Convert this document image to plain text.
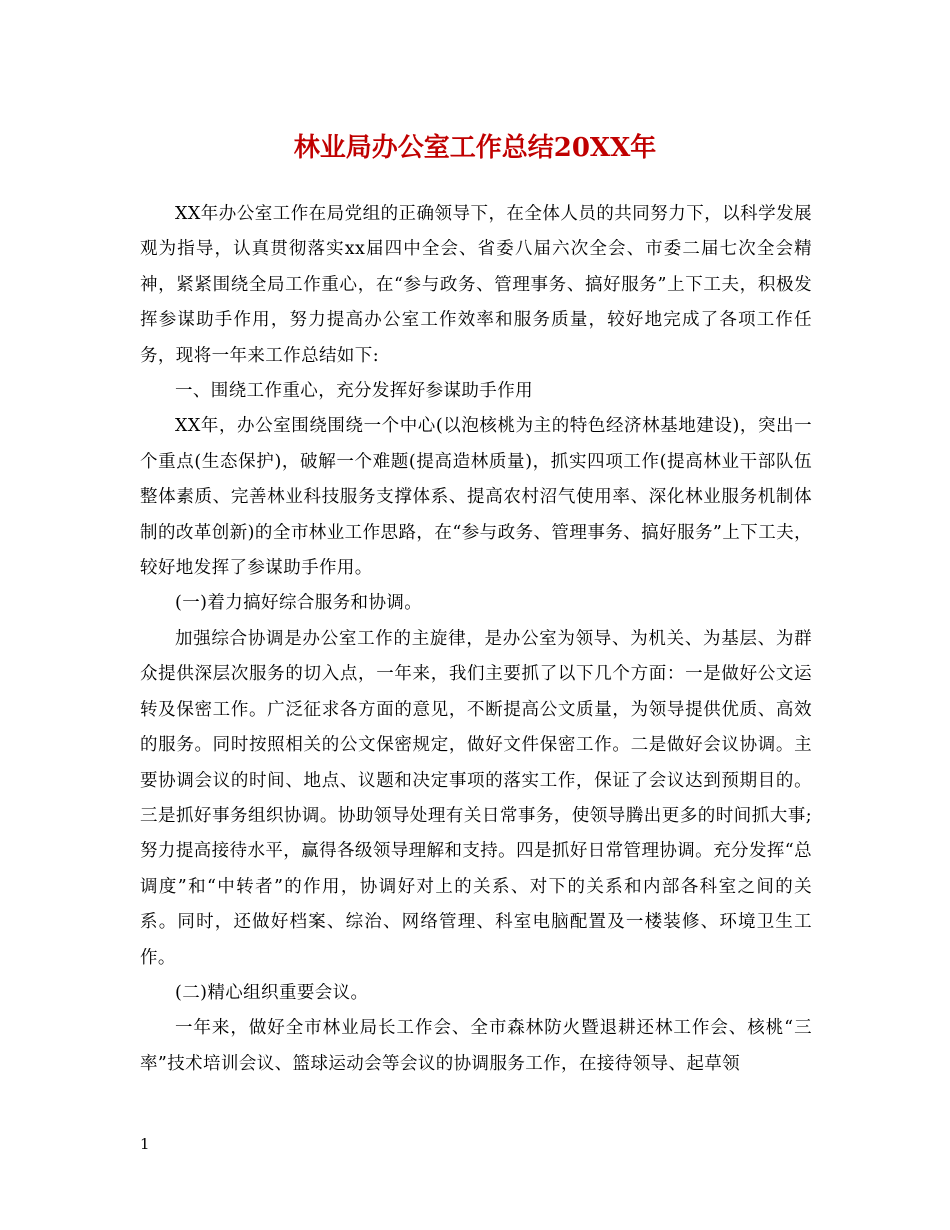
林业局办公室工作总结20XX年

XX年办公室工作在局党组的正确领导下，在全体人员的共同努力下，以科学发展观为指导，认真贯彻落实xx届四中全会、省委八届六次全会、市委二届七次全会精神，紧紧围绕全局工作重心，在“参与政务、管理事务、搞好服务”上下工夫，积极发挥参谋助手作用，努力提高办公室工作效率和服务质量，较好地完成了各项工作任务，现将一年来工作总结如下:

一、围绕工作重心，充分发挥好参谋助手作用

XX年，办公室围绕围绕一个中心(以泡核桃为主的特色经济林基地建设)，突出一个重点(生态保护)，破解一个难题(提高造林质量)，抓实四项工作(提高林业干部队伍整体素质、完善林业科技服务支撑体系、提高农村沼气使用率、深化林业服务机制体制的改革创新)的全市林业工作思路，在“参与政务、管理事务、搞好服务”上下工夫，较好地发挥了参谋助手作用。

(一)着力搞好综合服务和协调。

加强综合协调是办公室工作的主旋律，是办公室为领导、为机关、为基层、为群众提供深层次服务的切入点，一年来，我们主要抓了以下几个方面：一是做好公文运转及保密工作。广泛征求各方面的意见，不断提高公文质量，为领导提供优质、高效的服务。同时按照相关的公文保密规定，做好文件保密工作。二是做好会议协调。主要协调会议的时间、地点、议题和决定事项的落实工作，保证了会议达到预期目的。三是抓好事务组织协调。协助领导处理有关日常事务，使领导腾出更多的时间抓大事;努力提高接待水平，赢得各级领导理解和支持。四是抓好日常管理协调。充分发挥“总调度”和“中转者”的作用，协调好对上的关系、对下的关系和内部各科室之间的关系。同时，还做好档案、综治、网络管理、科室电脑配置及一楼装修、环境卫生工作。

(二)精心组织重要会议。

一年来，做好全市林业局长工作会、全市森林防火暨退耕还林工作会、核桃“三率”技术培训会议、篮球运动会等会议的协调服务工作，在接待领导、起草领

1
